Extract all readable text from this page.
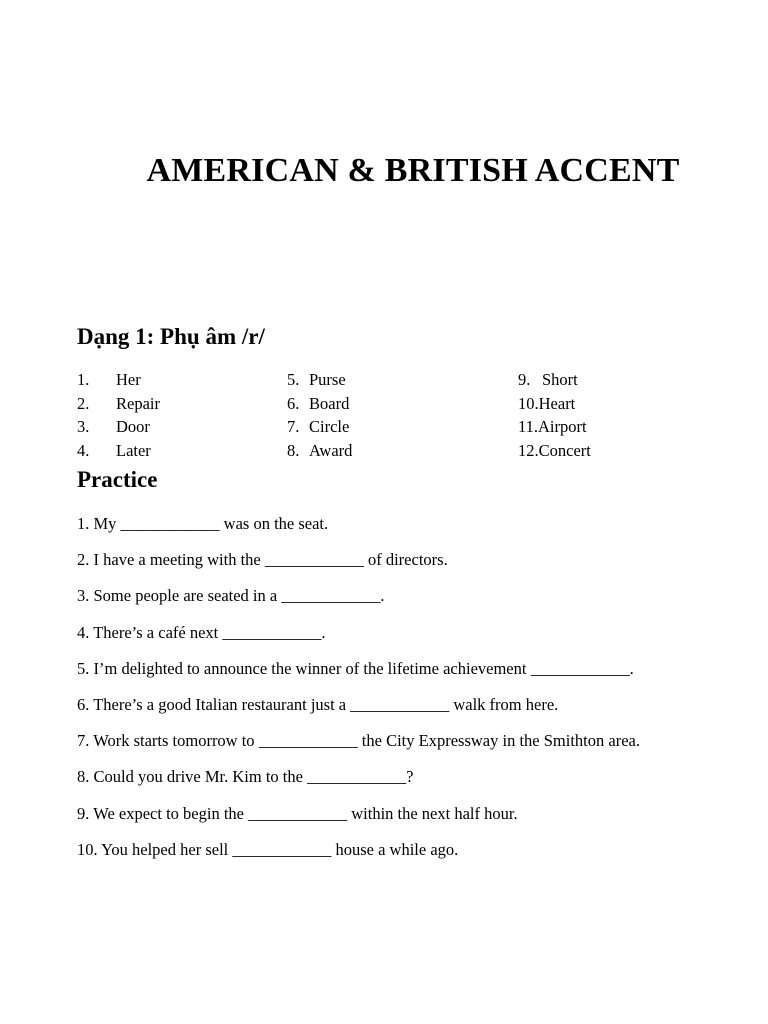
AMERICAN & BRITISH ACCENT
Dạng 1: Phụ âm /r/
1. Her
2. Repair
3. Door
4. Later
5. Purse
6. Board
7. Circle
8. Award
9. Short
10.Heart
11.Airport
12.Concert
Practice
1. My ____________ was on the seat.
2. I have a meeting with the ____________ of directors.
3. Some people are seated in a ____________.
4. There’s a café next ____________.
5. I’m delighted to announce the winner of the lifetime achievement ____________.
6. There’s a good Italian restaurant just a ____________ walk from here.
7. Work starts tomorrow to ____________ the City Expressway in the Smithton area.
8. Could you drive Mr. Kim to the ____________?
9. We expect to begin the ____________ within the next half hour.
10. You helped her sell ____________ house a while ago.
